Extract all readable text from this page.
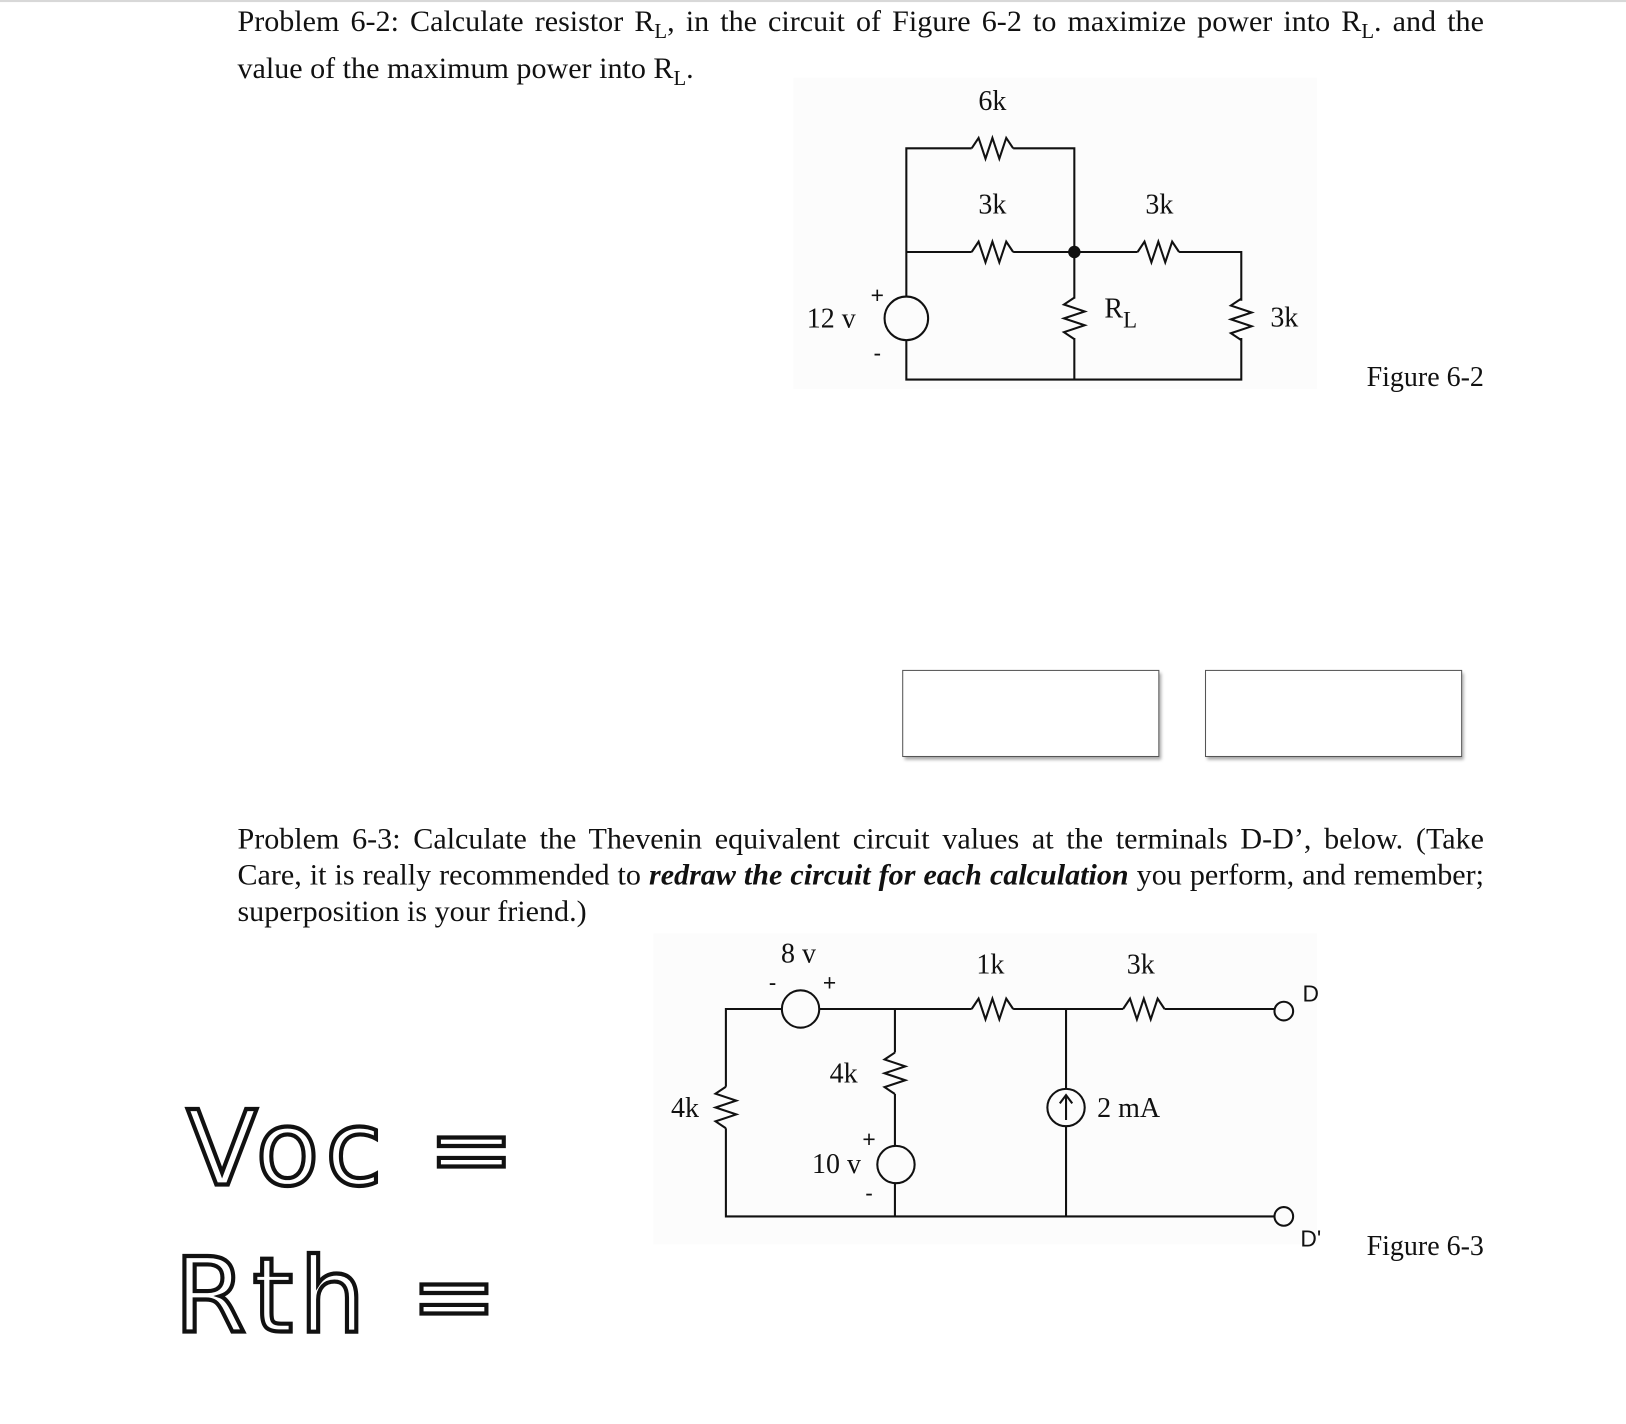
Problem 6-2: Calculate resistor $R_L$, in the circuit of Figure 6-2 to maximize power into $R_L$. and the value of the maximum power into $R_L$.
Problem 6-3: Calculate the Thevenin equivalent circuit values at the terminals D-D’, below. (Take Care, it is really recommended to redraw the circuit for each calculation you perform, and remember; superposition is your friend.)
6k
3k	3k
$R_L$	3k
12 v
+
-
Figure 6-2
8 v
- +
1k	3k
D
D'
4k
4k
+
-
10 v
2 mA
Figure 6-3
Voc =
Rth =
